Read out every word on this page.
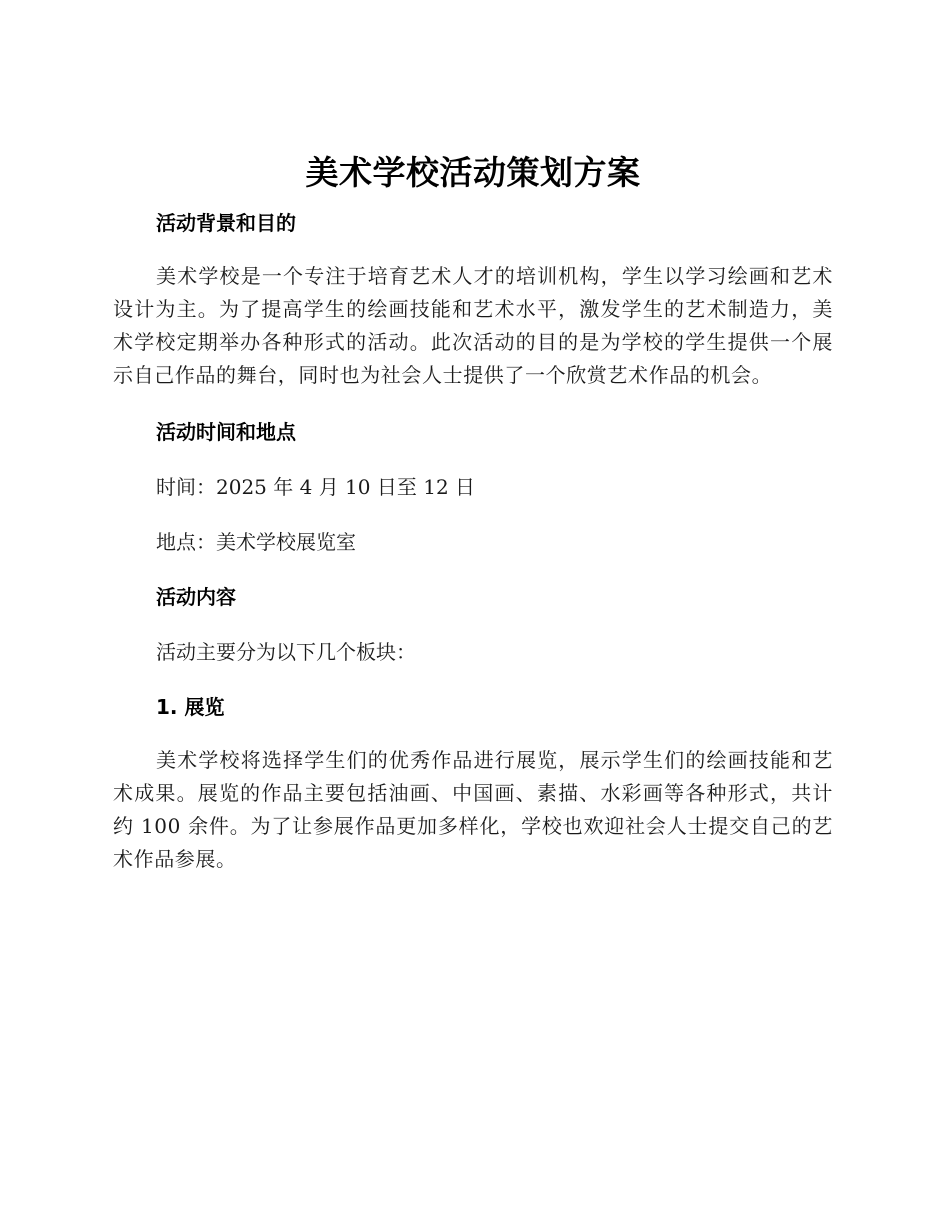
美术学校活动策划方案
活动背景和目的

美术学校是一个专注于培育艺术人才的培训机构，学生以学习绘画和艺术设计为主。为了提高学生的绘画技能和艺术水平，激发学生的艺术制造力，美术学校定期举办各种形式的活动。此次活动的目的是为学校的学生提供一个展示自己作品的舞台，同时也为社会人士提供了一个欣赏艺术作品的机会。

活动时间和地点

时间：2025 年 4 月 10 日至 12 日

地点：美术学校展览室

活动内容

活动主要分为以下几个板块：

1. 展览

美术学校将选择学生们的优秀作品进行展览，展示学生们的绘画技能和艺术成果。展览的作品主要包括油画、中国画、素描、水彩画等各种形式，共计约 100 余件。为了让参展作品更加多样化，学校也欢迎社会人士提交自己的艺术作品参展。
